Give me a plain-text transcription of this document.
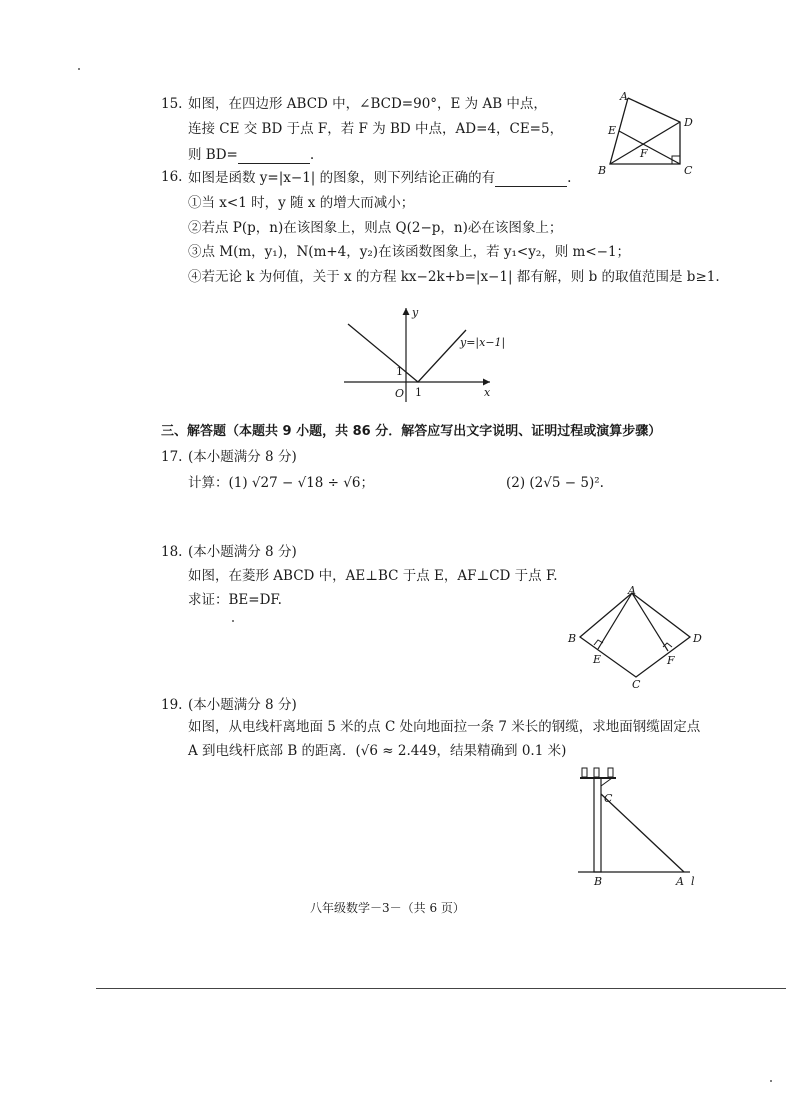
15. 如图，在四边形 ABCD 中，∠BCD=90°，E 为 AB 中点，
连接 CE 交 BD 于点 F，若 F 为 BD 中点，AD=4，CE=5，
则 BD=	.
A
D
E
F
B	C
16. 如图是函数 y=|x−1| 的图象，则下列结论正确的有	.
①当 x<1 时，y 随 x 的增大而减小；
②若点 P(p，n)在该图象上，则点 Q(2−p，n)必在该图象上；
③点 M(m，y₁)，N(m+4，y₂)在该函数图象上，若 y₁<y₂，则 m<−1；
④若无论 k 为何值，关于 x 的方程 kx−2k+b=|x−1| 都有解，则 b 的取值范围是 b≥1.
y
x
O 1
1
y=|x−1|
三、解答题（本题共 9 小题，共 86 分．解答应写出文字说明、证明过程或演算步骤）
17. (本小题满分 8 分)
计算：(1) √27 − √18 ÷ √6；	(2) (2√5 − 5)².
18. (本小题满分 8 分)
如图，在菱形 ABCD 中，AE⊥BC 于点 E，AF⊥CD 于点 F.
求证：BE=DF.
A
B	D
E	F
C
19. (本小题满分 8 分)
如图，从电线杆离地面 5 米的点 C 处向地面拉一条 7 米长的钢缆，求地面钢缆固定点
A 到电线杆底部 B 的距离．(√6 ≈ 2.449，结果精确到 0.1 米)
C
B	A l
八年级数学－3－（共 6 页）
